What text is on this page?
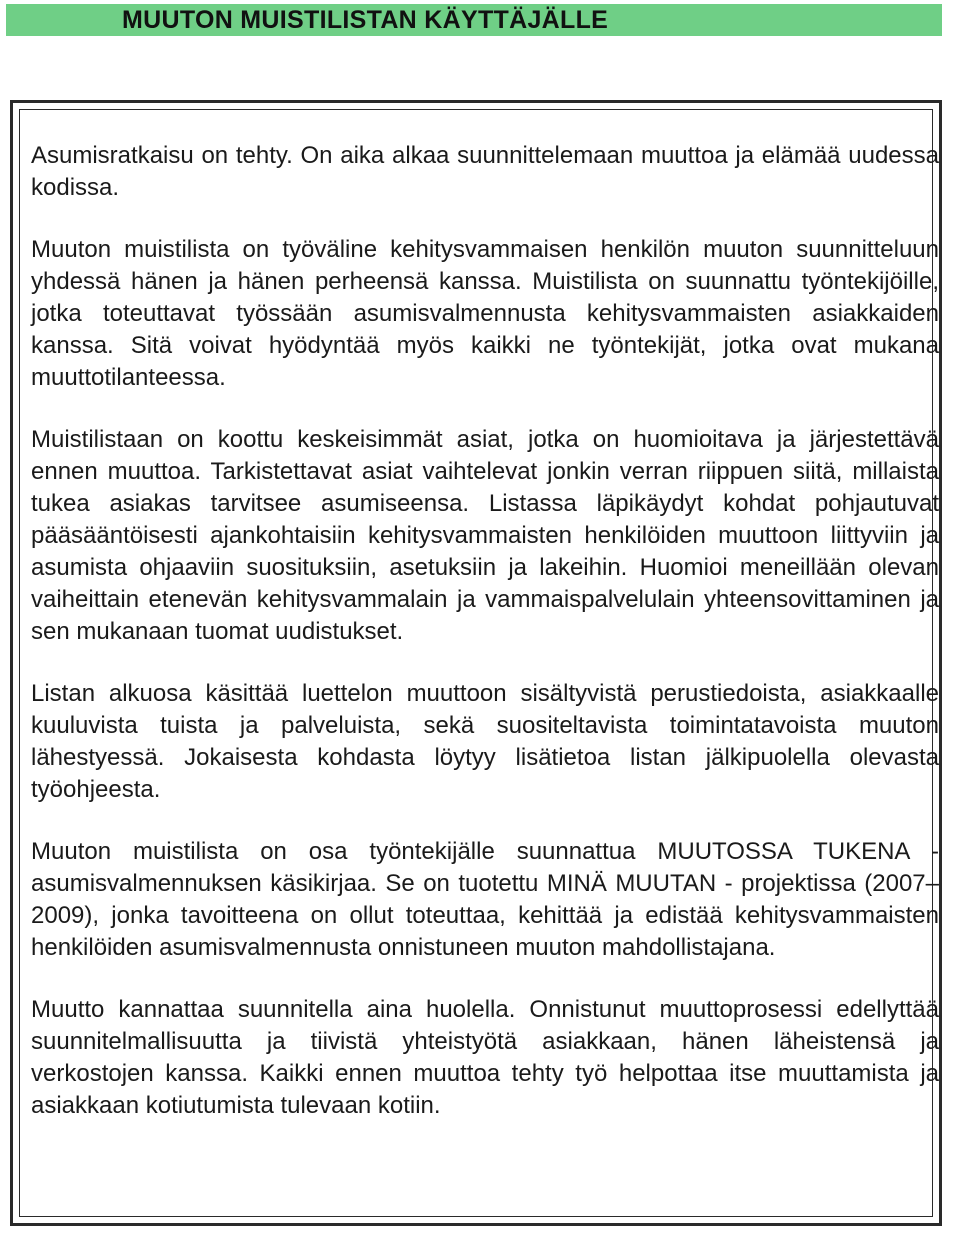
MUUTON MUISTILISTAN KÄYTTÄJÄLLE

Asumisratkaisu on tehty. On aika alkaa suunnittelemaan muuttoa ja elämää uudessa kodissa.

Muuton muistilista on työväline kehitysvammaisen henkilön muuton suunnitteluun yhdessä hänen ja hänen perheensä kanssa. Muistilista on suunnattu työntekijöille, jotka toteuttavat työssään asumisvalmennusta kehitysvammaisten asiakkaiden kanssa. Sitä voivat hyödyntää myös kaikki ne työntekijät, jotka ovat mukana muuttotilanteessa.

Muistilistaan on koottu keskeisimmät asiat, jotka on huomioitava ja järjestettävä ennen muuttoa. Tarkistettavat asiat vaihtelevat jonkin verran riippuen siitä, millaista tukea asiakas tarvitsee asumiseensa. Listassa läpikäydyt kohdat pohjautuvat pääsääntöisesti ajankohtaisiin kehitysvammaisten henkilöiden muuttoon liittyviin ja asumista ohjaaviin suosituksiin, asetuksiin ja lakeihin. Huomioi meneillään olevan vaiheittain etenevän kehitysvammalain ja vammaispalvelulain yhteensovittaminen ja sen mukanaan tuomat uudistukset.

Listan alkuosa käsittää luettelon muuttoon sisältyvistä perustiedoista, asiakkaalle kuuluvista tuista ja palveluista, sekä suositeltavista toimintatavoista muuton lähestyessä. Jokaisesta kohdasta löytyy lisätietoa listan jälkipuolella olevasta työohjeesta.

Muuton muistilista on osa työntekijälle suunnattua MUUTOSSA TUKENA - asumisvalmennuksen käsikirjaa. Se on tuotettu MINÄ MUUTAN - projektissa (2007–2009), jonka tavoitteena on ollut toteuttaa, kehittää ja edistää kehitysvammaisten henkilöiden asumisvalmennusta onnistuneen muuton mahdollistajana.

Muutto kannattaa suunnitella aina huolella. Onnistunut muuttoprosessi edellyttää suunnitelmallisuutta ja tiivistä yhteistyötä asiakkaan, hänen läheistensä ja verkostojen kanssa. Kaikki ennen muuttoa tehty työ helpottaa itse muuttamista ja asiakkaan kotiutumista tulevaan kotiin.
